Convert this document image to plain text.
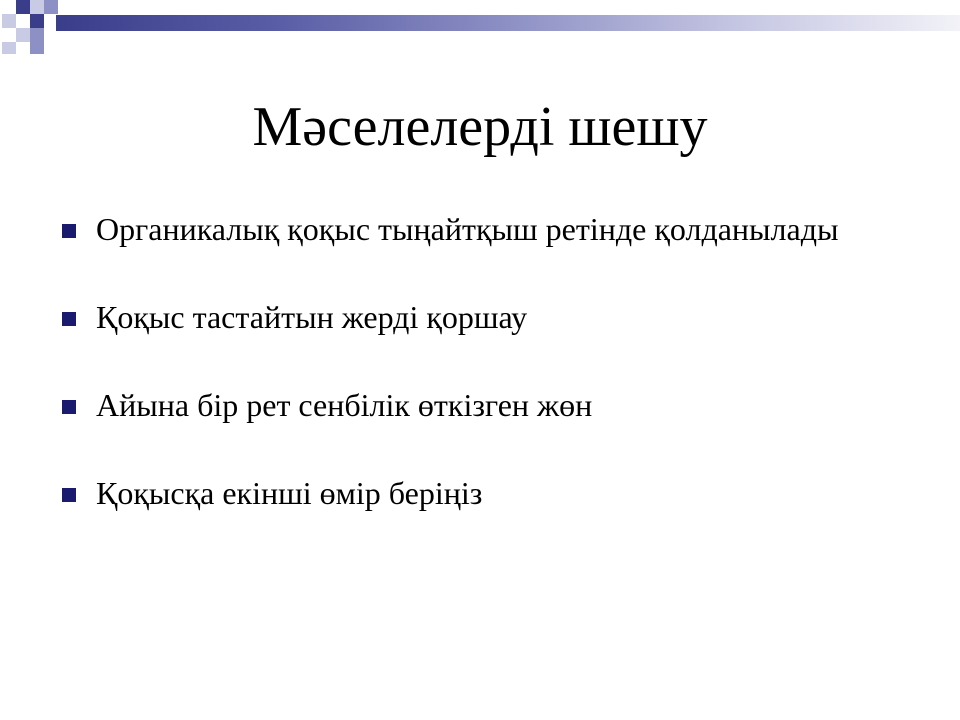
Мәселелерді шешу
Органикалық қоқыс тыңайтқыш ретінде қолданылады
Қоқыс тастайтын жерді қоршау
Айына бір рет сенбілік өткізген жөн
Қоқысқа екінші өмір беріңіз
